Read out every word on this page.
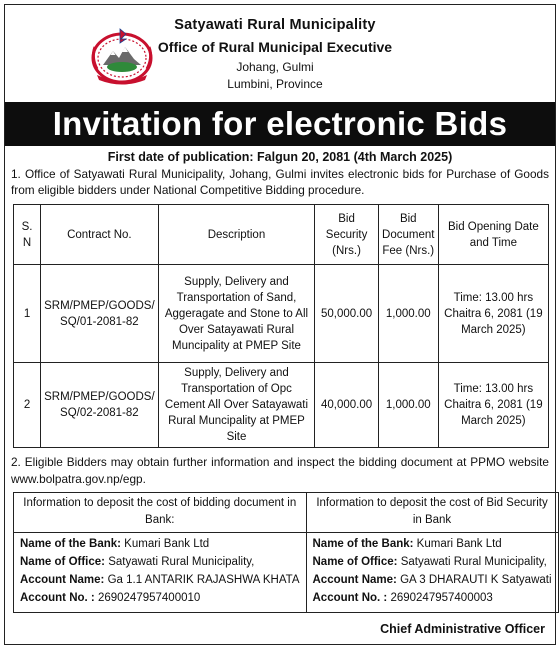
Satyawati Rural Municipality
Office of Rural Municipal Executive
Johang, Gulmi
Lumbini, Province
Invitation for electronic Bids
First date of publication: Falgun 20, 2081 (4th March 2025)
1. Office of Satyawati Rural Municipality, Johang, Gulmi invites electronic bids for Purchase of Goods from eligible bidders under National Competitive Bidding procedure.
S. N	Contract No.	Description	Bid Security (Nrs.)	Bid Document Fee (Nrs.)	Bid Opening Date and Time
1	SRM/PMEP/GOODS/ SQ/01-2081-82	Supply, Delivery and Transportation of Sand, Aggeragate and Stone to All Over Satayawati Rural Muncipality at PMEP Site	50,000.00	1,000.00	Time: 13.00 hrs Chaitra 6, 2081 (19 March 2025)
2	SRM/PMEP/GOODS/ SQ/02-2081-82	Supply, Delivery and Transportation of Opc Cement All Over Satayawati Rural Muncipality at PMEP Site	40,000.00	1,000.00	Time: 13.00 hrs Chaitra 6, 2081 (19 March 2025)
2. Eligible Bidders may obtain further information and inspect the bidding document at PPMO website www.bolpatra.gov.np/egp.
Information to deposit the cost of bidding document in Bank:	Information to deposit the cost of Bid Security in Bank

Name of the Bank: Kumari Bank Ltd
Name of Office: Satyawati Rural Municipality,
Account Name: Ga 1.1 ANTARIK RAJASHWA KHATA
Account No. : 2690247957400010	Name of the Bank: Kumari Bank Ltd
Name of Office: Satyawati Rural Municipality,
Account Name: GA 3 DHARAUTI K Satyawati
Account No. : 2690247957400003
Chief Administrative Officer
